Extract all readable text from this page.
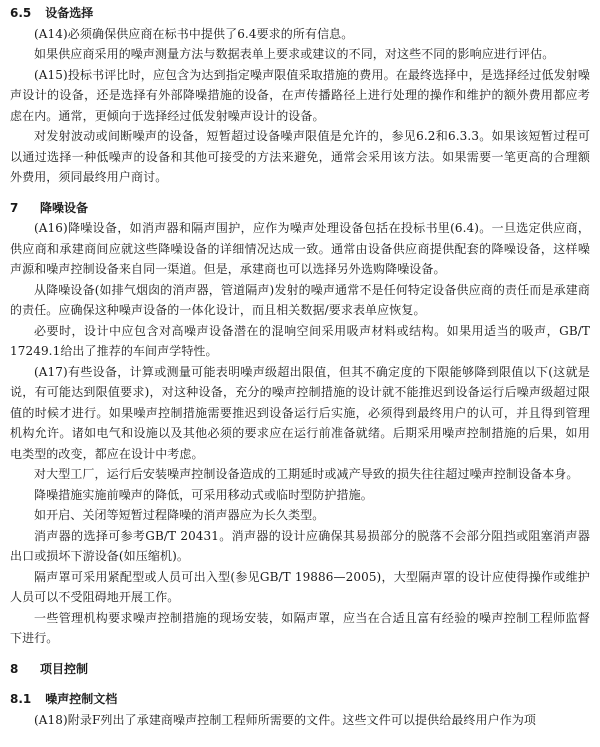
6.5 设备选择

(A14)必须确保供应商在标书中提供了6.4要求的所有信息。

如果供应商采用的噪声测量方法与数据表单上要求或建议的不同，对这些不同的影响应进行评估。

(A15)投标书评比时，应包含为达到指定噪声限值采取措施的费用。在最终选择中，是选择经过低发射噪声设计的设备，还是选择有外部降噪措施的设备，在声传播路径上进行处理的操作和维护的额外费用都应考虑在内。通常，更倾向于选择经过低发射噪声设计的设备。

对发射波动或间断噪声的设备，短暂超过设备噪声限值是允许的，参见6.2和6.3.3。如果该短暂过程可以通过选择一种低噪声的设备和其他可接受的方法来避免，通常会采用该方法。如果需要一笔更高的合理额外费用，须同最终用户商讨。

7	降噪设备

(A16)降噪设备，如消声器和隔声围护，应作为噪声处理设备包括在投标书里(6.4)。一旦选定供应商，供应商和承建商间应就这些降噪设备的详细情况达成一致。通常由设备供应商提供配套的降噪设备，这样噪声源和噪声控制设备来自同一渠道。但是，承建商也可以选择另外选购降噪设备。

从降噪设备(如排气烟囱的消声器，管道隔声)发射的噪声通常不是任何特定设备供应商的责任而是承建商的责任。应确保这种噪声设备的一体化设计，而且相关数据/要求表单应恢复。

必要时，设计中应包含对高噪声设备潜在的混响空间采用吸声材料或结构。如果用适当的吸声，GB/T 17249.1给出了推荐的车间声学特性。

(A17)有些设备，计算或测量可能表明噪声级超出限值，但其不确定度的下限能够降到限值以下(这就是说，有可能达到限值要求)，对这种设备，充分的噪声控制措施的设计就不能推迟到设备运行后噪声级超过限值的时候才进行。如果噪声控制措施需要推迟到设备运行后实施，必须得到最终用户的认可，并且得到管理机构允许。诸如电气和设施以及其他必须的要求应在运行前准备就绪。后期采用噪声控制措施的后果，如用电类型的改变，都应在设计中考虑。

对大型工厂，运行后安装噪声控制设备造成的工期延时或减产导致的损失往往超过噪声控制设备本身。

降噪措施实施前噪声的降低，可采用移动式或临时型防护措施。

如开启、关闭等短暂过程降噪的消声器应为长久类型。

消声器的选择可参考GB/T 20431。消声器的设计应确保其易损部分的脱落不会部分阻挡或阻塞消声器出口或损坏下游设备(如压缩机)。

隔声罩可采用紧配型或人员可出入型(参见GB/T 19886—2005)，大型隔声罩的设计应使得操作或维护人员可以不受阻碍地开展工作。

一些管理机构要求噪声控制措施的现场安装，如隔声罩，应当在合适且富有经验的噪声控制工程师监督下进行。

8	项目控制
8.1 噪声控制文档

(A18)附录F列出了承建商噪声控制工程师所需要的文件。这些文件可以提供给最终用户作为项
